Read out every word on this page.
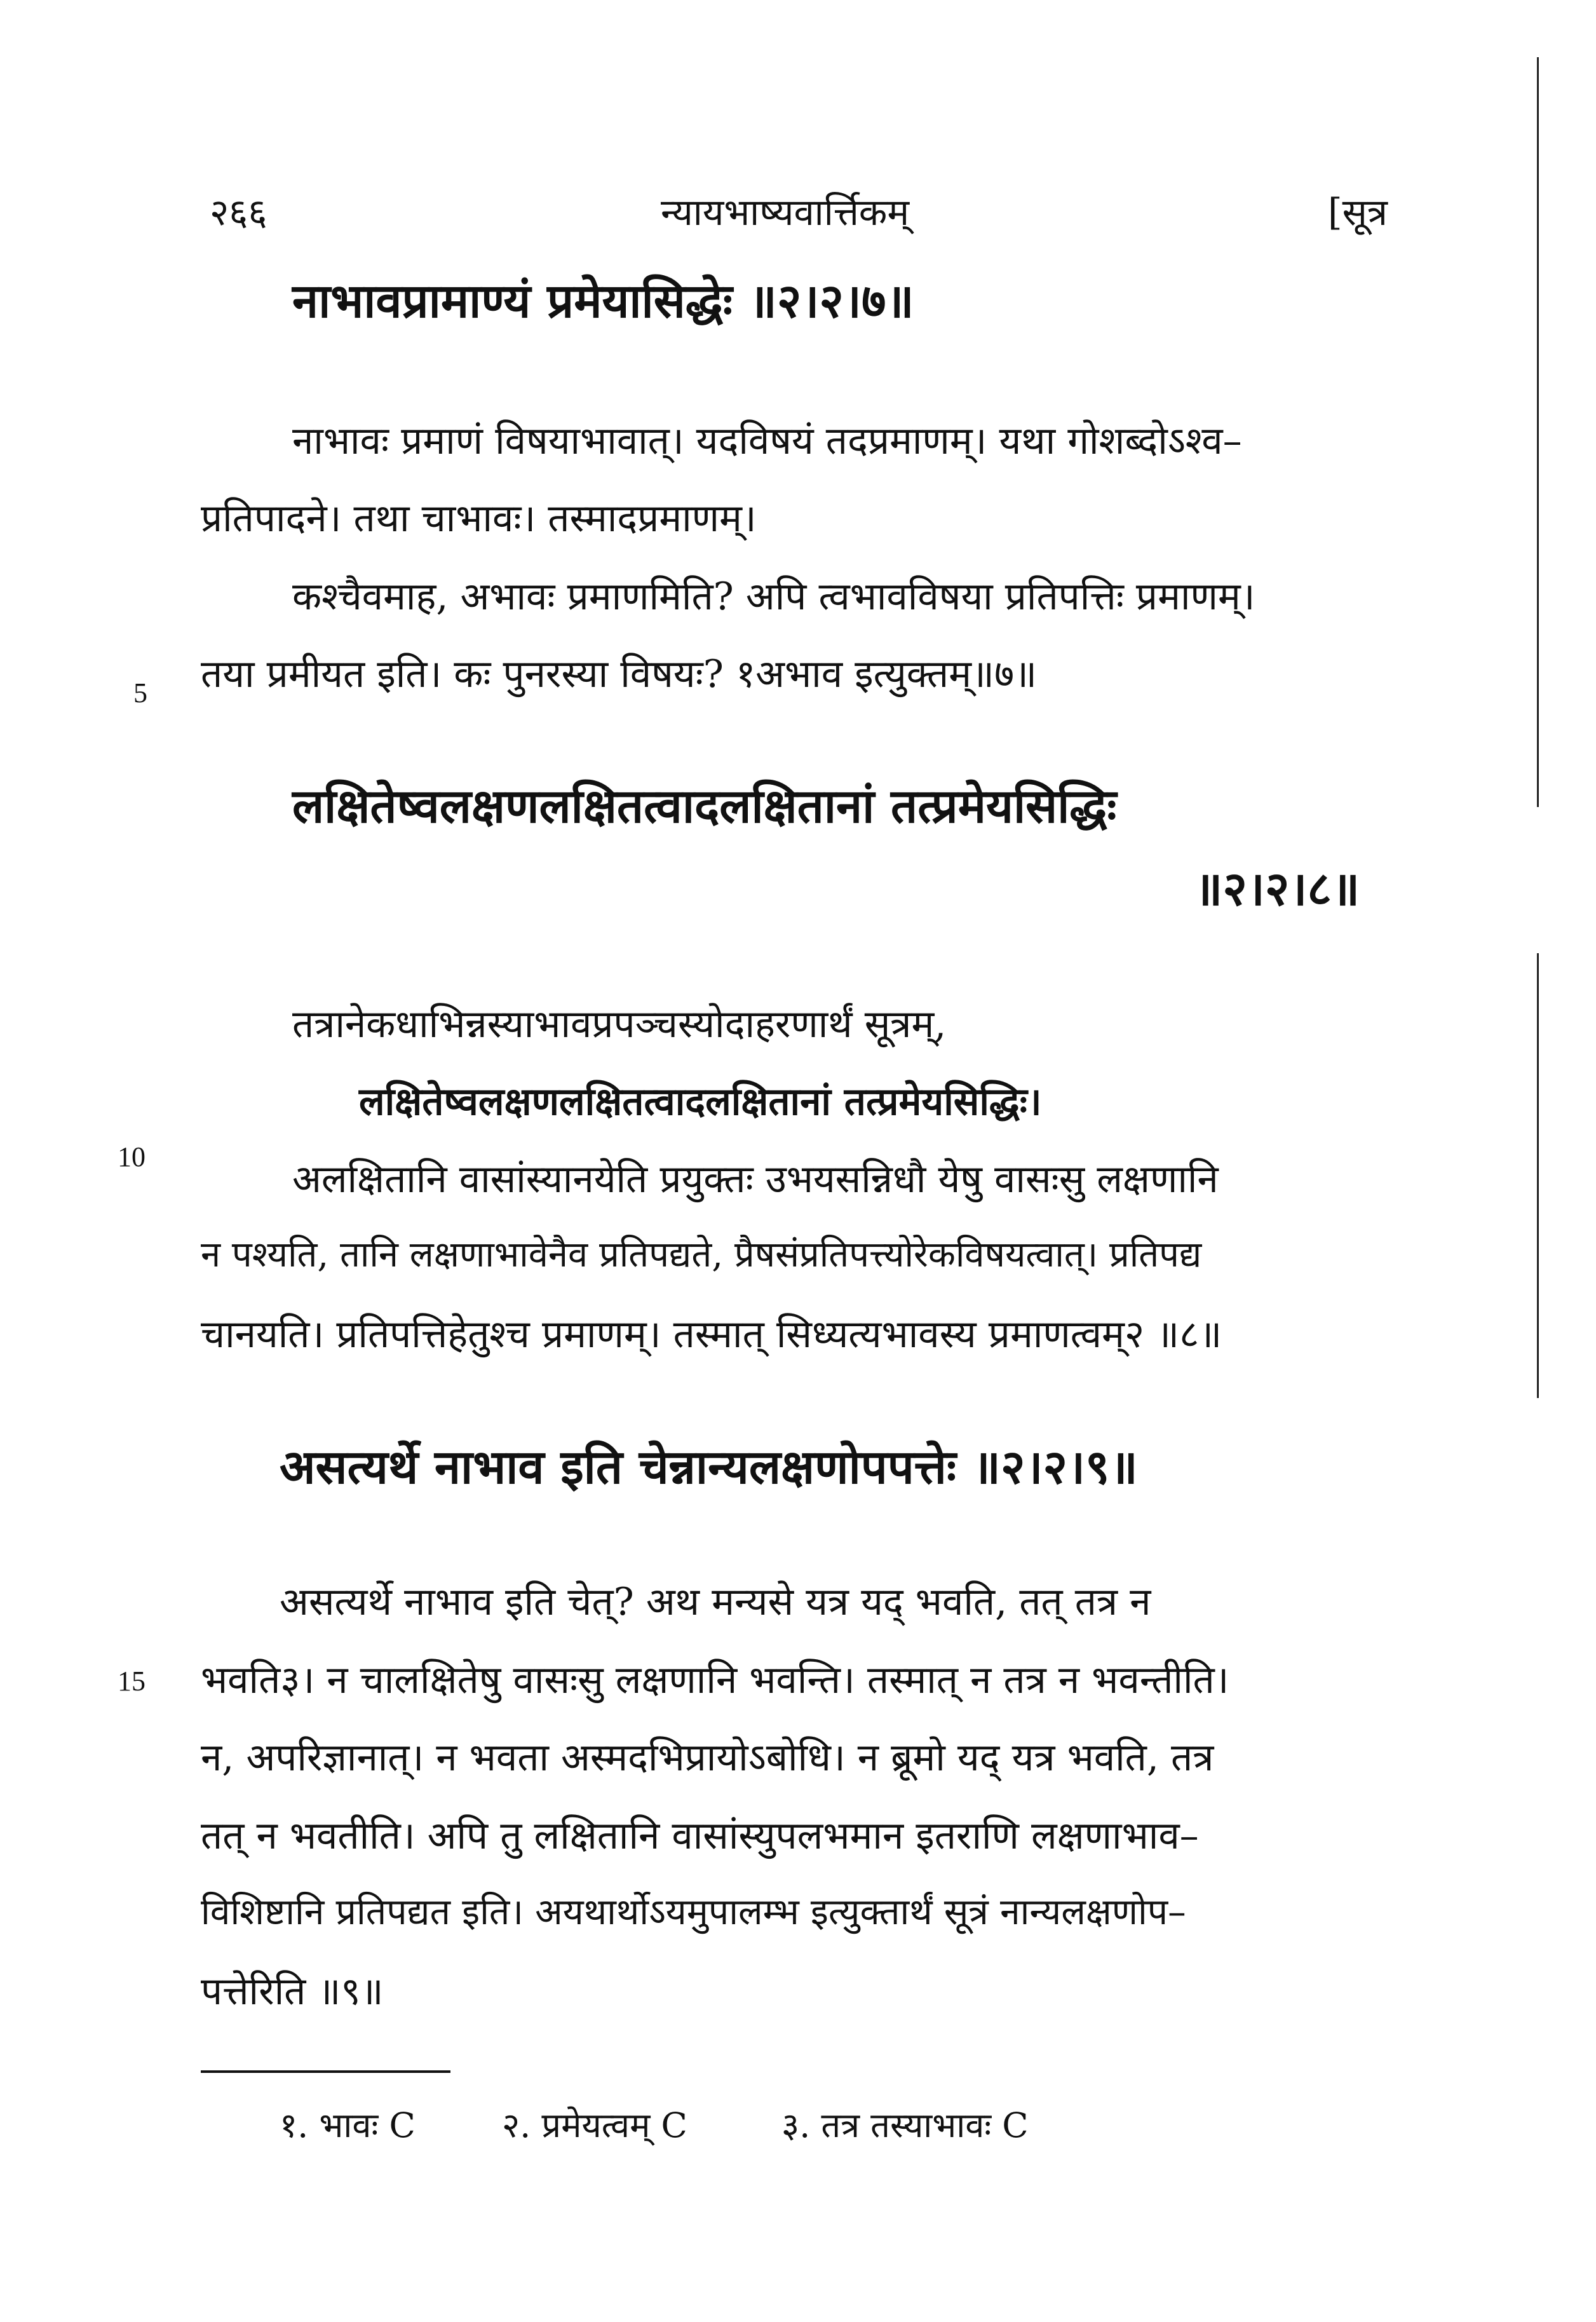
२६६	न्यायभाष्यवार्त्तिकम्	[सूत्र
नाभावप्रामाण्यं प्रमेयासिद्धेः ॥२।२।७॥
नाभावः प्रमाणं विषयाभावात्। यदविषयं तदप्रमाणम्। यथा गोशब्दोऽश्व–
प्रतिपादने। तथा चाभावः। तस्मादप्रमाणम्।
कश्चैवमाह, अभावः प्रमाणमिति? अपि त्वभावविषया प्रतिपत्तिः प्रमाणम्।
तया प्रमीयत इति। कः पुनरस्या विषयः? १अभाव इत्युक्तम्॥७॥
5
लक्षितेष्वलक्षणलक्षितत्वादलक्षितानां तत्प्रमेयसिद्धिः
॥२।२।८॥
तत्रानेकधाभिन्नस्याभावप्रपञ्चस्योदाहरणार्थं सूत्रम्,
लक्षितेष्वलक्षणलक्षितत्वादलक्षितानां तत्प्रमेयसिद्धिः।
10
अलक्षितानि वासांस्यानयेति प्रयुक्तः उभयसन्निधौ येषु वासःसु लक्षणानि
न पश्यति, तानि लक्षणाभावेनैव प्रतिपद्यते, प्रैषसंप्रतिपत्त्योरेकविषयत्वात्। प्रतिपद्य
चानयति। प्रतिपत्तिहेतुश्च प्रमाणम्। तस्मात् सिध्यत्यभावस्य प्रमाणत्वम्२ ॥८॥
असत्यर्थे नाभाव इति चेन्नान्यलक्षणोपपत्तेः ॥२।२।९॥
असत्यर्थे नाभाव इति चेत्? अथ मन्यसे यत्र यद् भवति, तत् तत्र न
15 भवति३। न चालक्षितेषु वासःसु लक्षणानि भवन्ति। तस्मात् न तत्र न भवन्तीति।
न, अपरिज्ञानात्। न भवता अस्मदभिप्रायोऽबोधि। न ब्रूमो यद् यत्र भवति, तत्र
तत् न भवतीति। अपि तु लक्षितानि वासांस्युपलभमान इतराणि लक्षणाभाव–
विशिष्टानि प्रतिपद्यत इति। अयथार्थोऽयमुपालम्भ इत्युक्तार्थं सूत्रं नान्यलक्षणोप–
पत्तेरिति ॥९॥
१. भावः C	२. प्रमेयत्वम् C	३. तत्र तस्याभावः C
